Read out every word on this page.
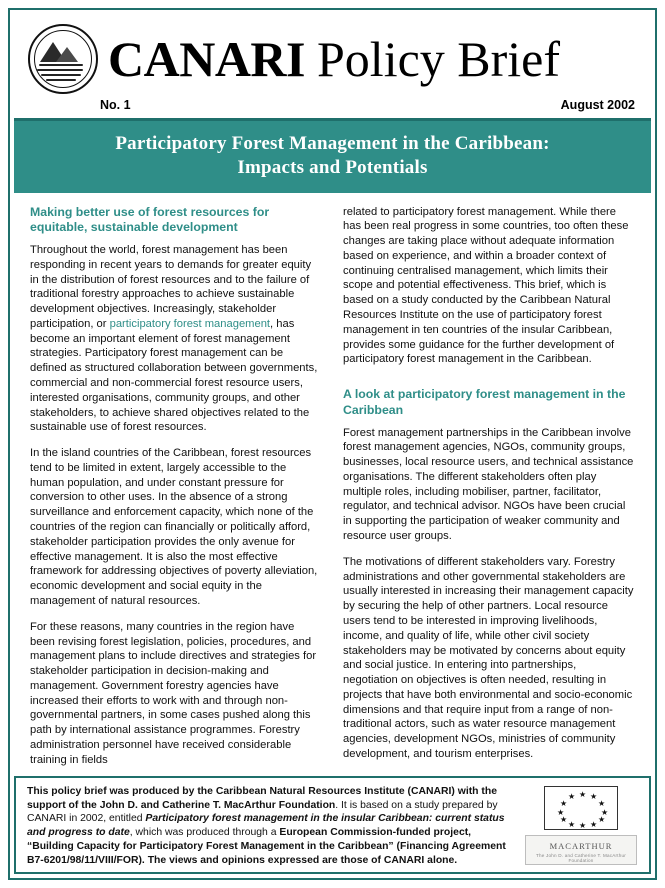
CANARI Policy Brief
No. 1	August 2002
Participatory Forest Management in the Caribbean:
Impacts and Potentials
Making better use of forest resources for equitable, sustainable development

Throughout the world, forest management has been responding in recent years to demands for greater equity in the distribution of forest resources and to the failure of traditional forestry approaches to achieve sustainable development objectives. Increasingly, stakeholder participation, or participatory forest management, has become an important element of forest management strategies. Participatory forest management can be defined as structured collaboration between governments, commercial and non-commercial forest resource users, interested organisations, community groups, and other stakeholders, to achieve shared objectives related to the sustainable use of forest resources.

In the island countries of the Caribbean, forest resources tend to be limited in extent, largely accessible to the human population, and under constant pressure for conversion to other uses. In the absence of a strong surveillance and enforcement capacity, which none of the countries of the region can financially or politically afford, stakeholder participation provides the only avenue for effective management. It is also the most effective framework for addressing objectives of poverty alleviation, economic development and social equity in the management of natural resources.

For these reasons, many countries in the region have been revising forest legislation, policies, procedures, and management plans to include directives and strategies for stakeholder participation in decision-making and management. Government forestry agencies have increased their efforts to work with and through non-governmental partners, in some cases pushed along this path by international assistance programmes. Forestry administration personnel have received considerable training in fields

related to participatory forest management. While there has been real progress in some countries, too often these changes are taking place without adequate information based on experience, and within a broader context of continuing centralised management, which limits their scope and potential effectiveness. This brief, which is based on a study conducted by the Caribbean Natural Resources Institute on the use of participatory forest management in ten countries of the insular Caribbean, provides some guidance for the further development of participatory forest management in the Caribbean.

A look at participatory forest management in the Caribbean

Forest management partnerships in the Caribbean involve forest management agencies, NGOs, community groups, businesses, local resource users, and technical assistance organisations. The different stakeholders often play multiple roles, including mobiliser, partner, facilitator, regulator, and technical advisor. NGOs have been crucial in supporting the participation of weaker community and resource user groups.

The motivations of different stakeholders vary. Forestry administrations and other governmental stakeholders are usually interested in increasing their management capacity by securing the help of other partners. Local resource users tend to be interested in improving livelihoods, income, and quality of life, while other civil society stakeholders may be motivated by concerns about equity and social justice. In entering into partnerships, negotiation on objectives is often needed, resulting in projects that have both environmental and socio-economic dimensions and that require input from a range of non-traditional actors, such as water resource management agencies, development NGOs, ministries of community development, and tourism enterprises.

This policy brief was produced by the Caribbean Natural Resources Institute (CANARI) with the support of the John D. and Catherine T. MacArthur Foundation. It is based on a study prepared by CANARI in 2002, entitled Participatory forest management in the insular Caribbean: current status and progress to date, which was produced through a European Commission-funded project, “Building Capacity for Participatory Forest Management in the Caribbean” (Financing Agreement B7-6201/98/11/VIII/FOR). The views and opinions expressed are those of CANARI alone.
★ ★
★
★
★
★
★
★
★
★
★
★
MACARTHUR
The John D. and Catherine T. MacArthur Foundation
